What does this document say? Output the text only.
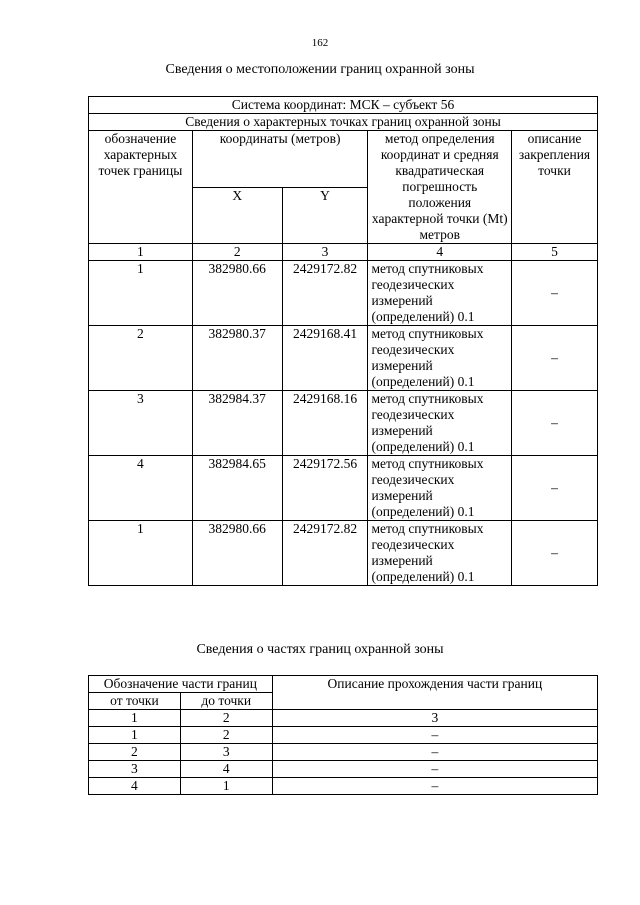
162
Сведения о местоположении границ охранной зоны
Система координат: МСК – субъект 56				
Сведения о характерных точках границ охранной зоны				
обозначение характерных точек границы	координаты (метров)		метод определения координат и средняя квадратическая погрешность положения характерной точки (Mt) метров	описание закрепления точки
	X	Y		
1	2	3	4	5
1	382980.66	2429172.82	метод спутниковых геодезических измерений (определений) 0.1	–
2	382980.37	2429168.41	метод спутниковых геодезических измерений (определений) 0.1	–
3	382984.37	2429168.16	метод спутниковых геодезических измерений (определений) 0.1	–
4	382984.65	2429172.56	метод спутниковых геодезических измерений (определений) 0.1	–
1	382980.66	2429172.82	метод спутниковых геодезических измерений (определений) 0.1	–
Сведения о частях границ охранной зоны
Обозначение части границ		Описание прохождения части границ
от точки	до точки	
1	2	3
1	2	–
2	3	–
3	4	–
4	1	–
